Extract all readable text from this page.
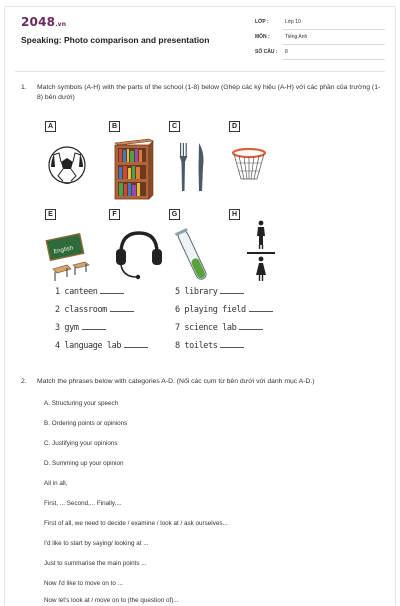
2048.vn
Speaking: Photo comparison and presentation
LỚP :	Lớp 10
MÔN :	Tiếng Anh
SỐ CÂU : 8
1. Match symbols (A-H) with the parts of the school (1-8) below (Ghép các ký hiệu (A-H) với các phần của trường (1-8) bên dưới)
A	B	C	D
E
English
F	G	H
1 canteen
2 classroom
3 gym
4 language lab
5 library
6 playing field
7 science lab
8 toilets
2. Match the phrases below with categories A-D. (Nối các cụm từ bên dưới với danh mục A-D.)
A. Structuring your speech
B. Ordering points or opinions
C. Justifying your opinions
D. Summing up your opinion
All in all,
First, ... Second,... Finally,...
First of all, we need to decide / examine / look at / ask ourselves...
I'd like to start by saying/ looking at ...
Just to summarise the main points ...
Now I'd like to move on to ...
Now let's look at / move on to (the question of)...
